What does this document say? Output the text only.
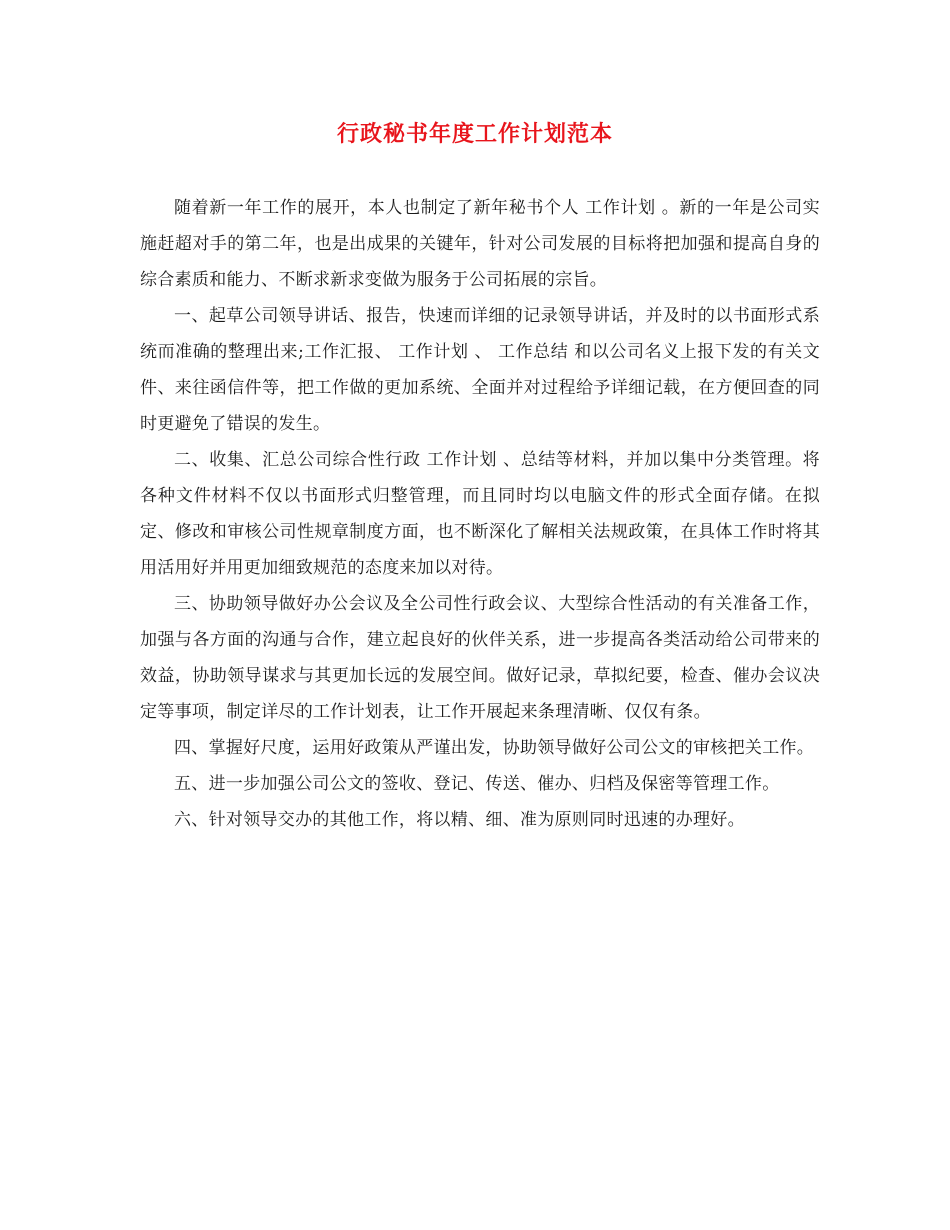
行政秘书年度工作计划范本

随着新一年工作的展开，本人也制定了新年秘书个人 工作计划 。新的一年是公司实施赶超对手的第二年，也是出成果的关键年，针对公司发展的目标将把加强和提高自身的综合素质和能力、不断求新求变做为服务于公司拓展的宗旨。

一、起草公司领导讲话、报告，快速而详细的记录领导讲话，并及时的以书面形式系统而准确的整理出来;工作汇报、 工作计划 、 工作总结 和以公司名义上报下发的有关文件、来往函信件等，把工作做的更加系统、全面并对过程给予详细记载，在方便回查的同时更避免了错误的发生。

二、收集、汇总公司综合性行政 工作计划 、总结等材料，并加以集中分类管理。将各种文件材料不仅以书面形式归整管理，而且同时均以电脑文件的形式全面存储。在拟定、修改和审核公司性规章制度方面，也不断深化了解相关法规政策，在具体工作时将其用活用好并用更加细致规范的态度来加以对待。

三、协助领导做好办公会议及全公司性行政会议、大型综合性活动的有关准备工作，加强与各方面的沟通与合作，建立起良好的伙伴关系，进一步提高各类活动给公司带来的效益，协助领导谋求与其更加长远的发展空间。做好记录，草拟纪要，检查、催办会议决定等事项，制定详尽的工作计划表，让工作开展起来条理清晰、仅仅有条。

四、掌握好尺度，运用好政策从严谨出发，协助领导做好公司公文的审核把关工作。

五、进一步加强公司公文的签收、登记、传送、催办、归档及保密等管理工作。

六、针对领导交办的其他工作，将以精、细、准为原则同时迅速的办理好。
